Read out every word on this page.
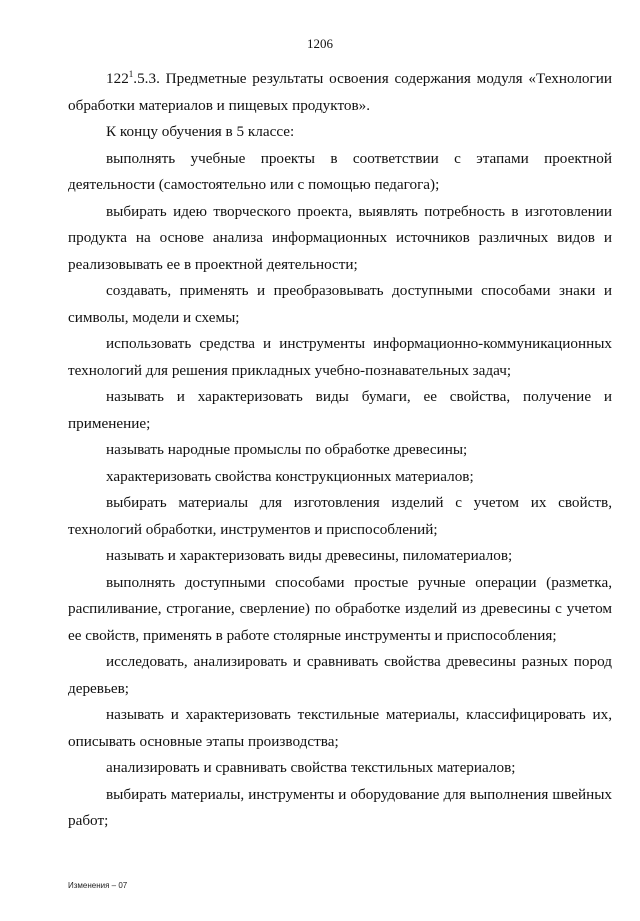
1206

$122^1.5.3$. Предметные результаты освоения содержания модуля «Технологии обработки материалов и пищевых продуктов».

К концу обучения в 5 классе:

выполнять учебные проекты в соответствии с этапами проектной деятельности (самостоятельно или с помощью педагога);

выбирать идею творческого проекта, выявлять потребность в изготовлении продукта на основе анализа информационных источников различных видов и реализовывать ее в проектной деятельности;

создавать, применять и преобразовывать доступными способами знаки и символы, модели и схемы;

использовать средства и инструменты информационно-коммуникационных технологий для решения прикладных учебно-познавательных задач;

называть и характеризовать виды бумаги, ее свойства, получение и применение;

называть народные промыслы по обработке древесины;

характеризовать свойства конструкционных материалов;

выбирать материалы для изготовления изделий с учетом их свойств, технологий обработки, инструментов и приспособлений;

называть и характеризовать виды древесины, пиломатериалов;

выполнять доступными способами простые ручные операции (разметка, распиливание, строгание, сверление) по обработке изделий из древесины с учетом ее свойств, применять в работе столярные инструменты и приспособления;

исследовать, анализировать и сравнивать свойства древесины разных пород деревьев;

называть и характеризовать текстильные материалы, классифицировать их, описывать основные этапы производства;

анализировать и сравнивать свойства текстильных материалов;

выбирать материалы, инструменты и оборудование для выполнения швейных работ;

Изменения – 07
